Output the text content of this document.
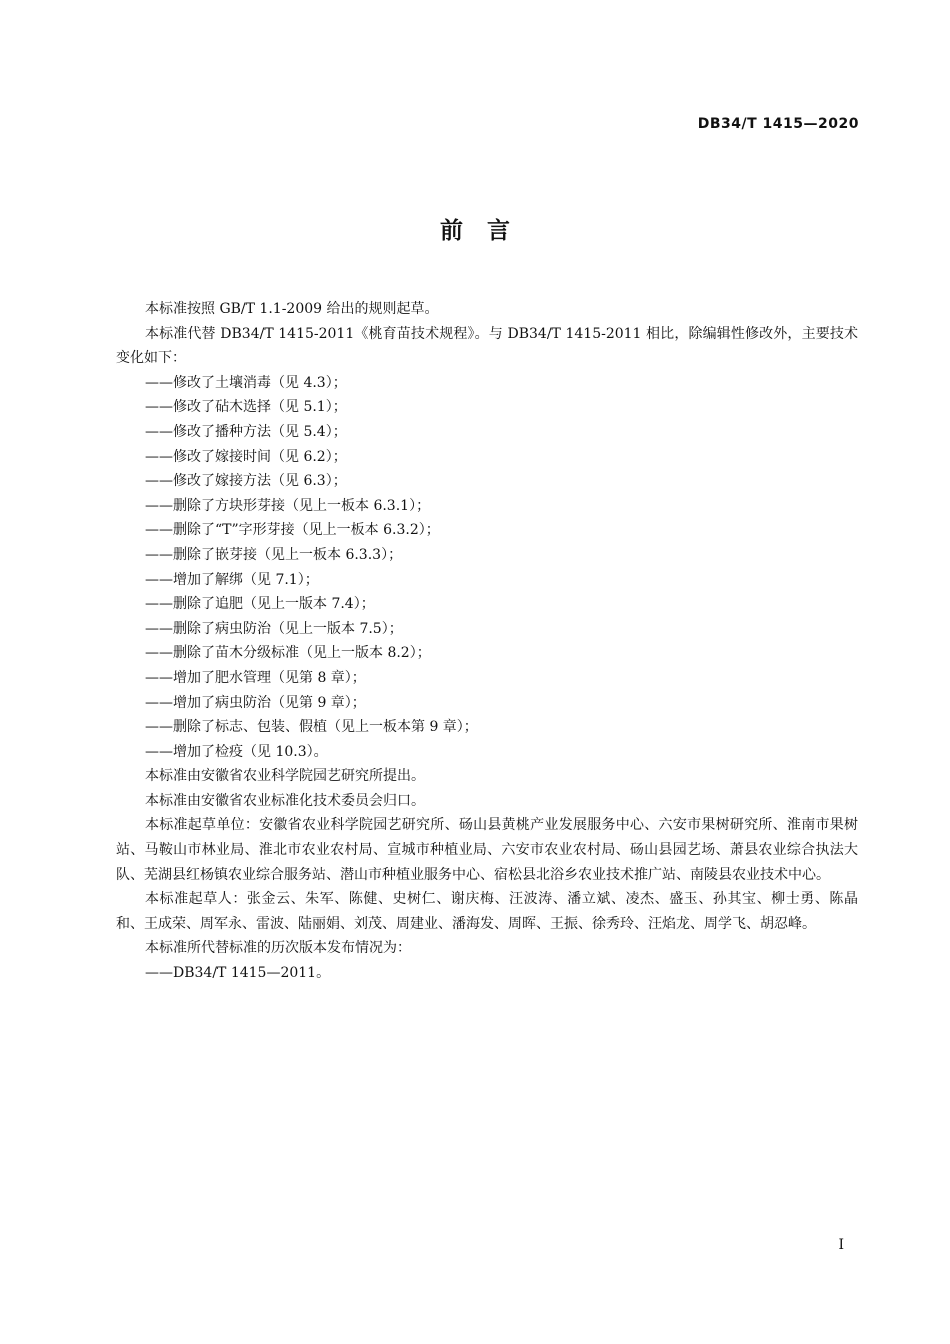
DB34/T 1415—2020
前言

本标准按照 GB/T 1.1-2009 给出的规则起草。

本标准代替 DB34/T 1415-2011《桃育苗技术规程》。与 DB34/T 1415-2011 相比，除编辑性修改外，主要技术变化如下：

——修改了土壤消毒（见 4.3）；

——修改了砧木选择（见 5.1）；

——修改了播种方法（见 5.4）；

——修改了嫁接时间（见 6.2）；

——修改了嫁接方法（见 6.3）；

——删除了方块形芽接（见上一板本 6.3.1）；

——删除了“T”字形芽接（见上一板本 6.3.2）；

——删除了嵌芽接（见上一板本 6.3.3）；

——增加了解绑（见 7.1）；

——删除了追肥（见上一版本 7.4）；

——删除了病虫防治（见上一版本 7.5）；

——删除了苗木分级标准（见上一版本 8.2）；

——增加了肥水管理（见第 8 章）；

——增加了病虫防治（见第 9 章）；

——删除了标志、包装、假植（见上一板本第 9 章）；

——增加了检疫（见 10.3）。

本标准由安徽省农业科学院园艺研究所提出。

本标准由安徽省农业标准化技术委员会归口。

本标准起草单位：安徽省农业科学院园艺研究所、砀山县黄桃产业发展服务中心、六安市果树研究所、淮南市果树站、马鞍山市林业局、淮北市农业农村局、宣城市种植业局、六安市农业农村局、砀山县园艺场、萧县农业综合执法大队、芜湖县红杨镇农业综合服务站、潜山市种植业服务中心、宿松县北浴乡农业技术推广站、南陵县农业技术中心。

本标准起草人：张金云、朱军、陈健、史树仁、谢庆梅、汪波涛、潘立斌、凌杰、盛玉、孙其宝、柳士勇、陈晶和、王成荣、周军永、雷波、陆丽娟、刘茂、周建业、潘海发、周晖、王振、徐秀玲、汪焰龙、周学飞、胡忍峰。

本标准所代替标准的历次版本发布情况为：

——DB34/T 1415—2011。

I
